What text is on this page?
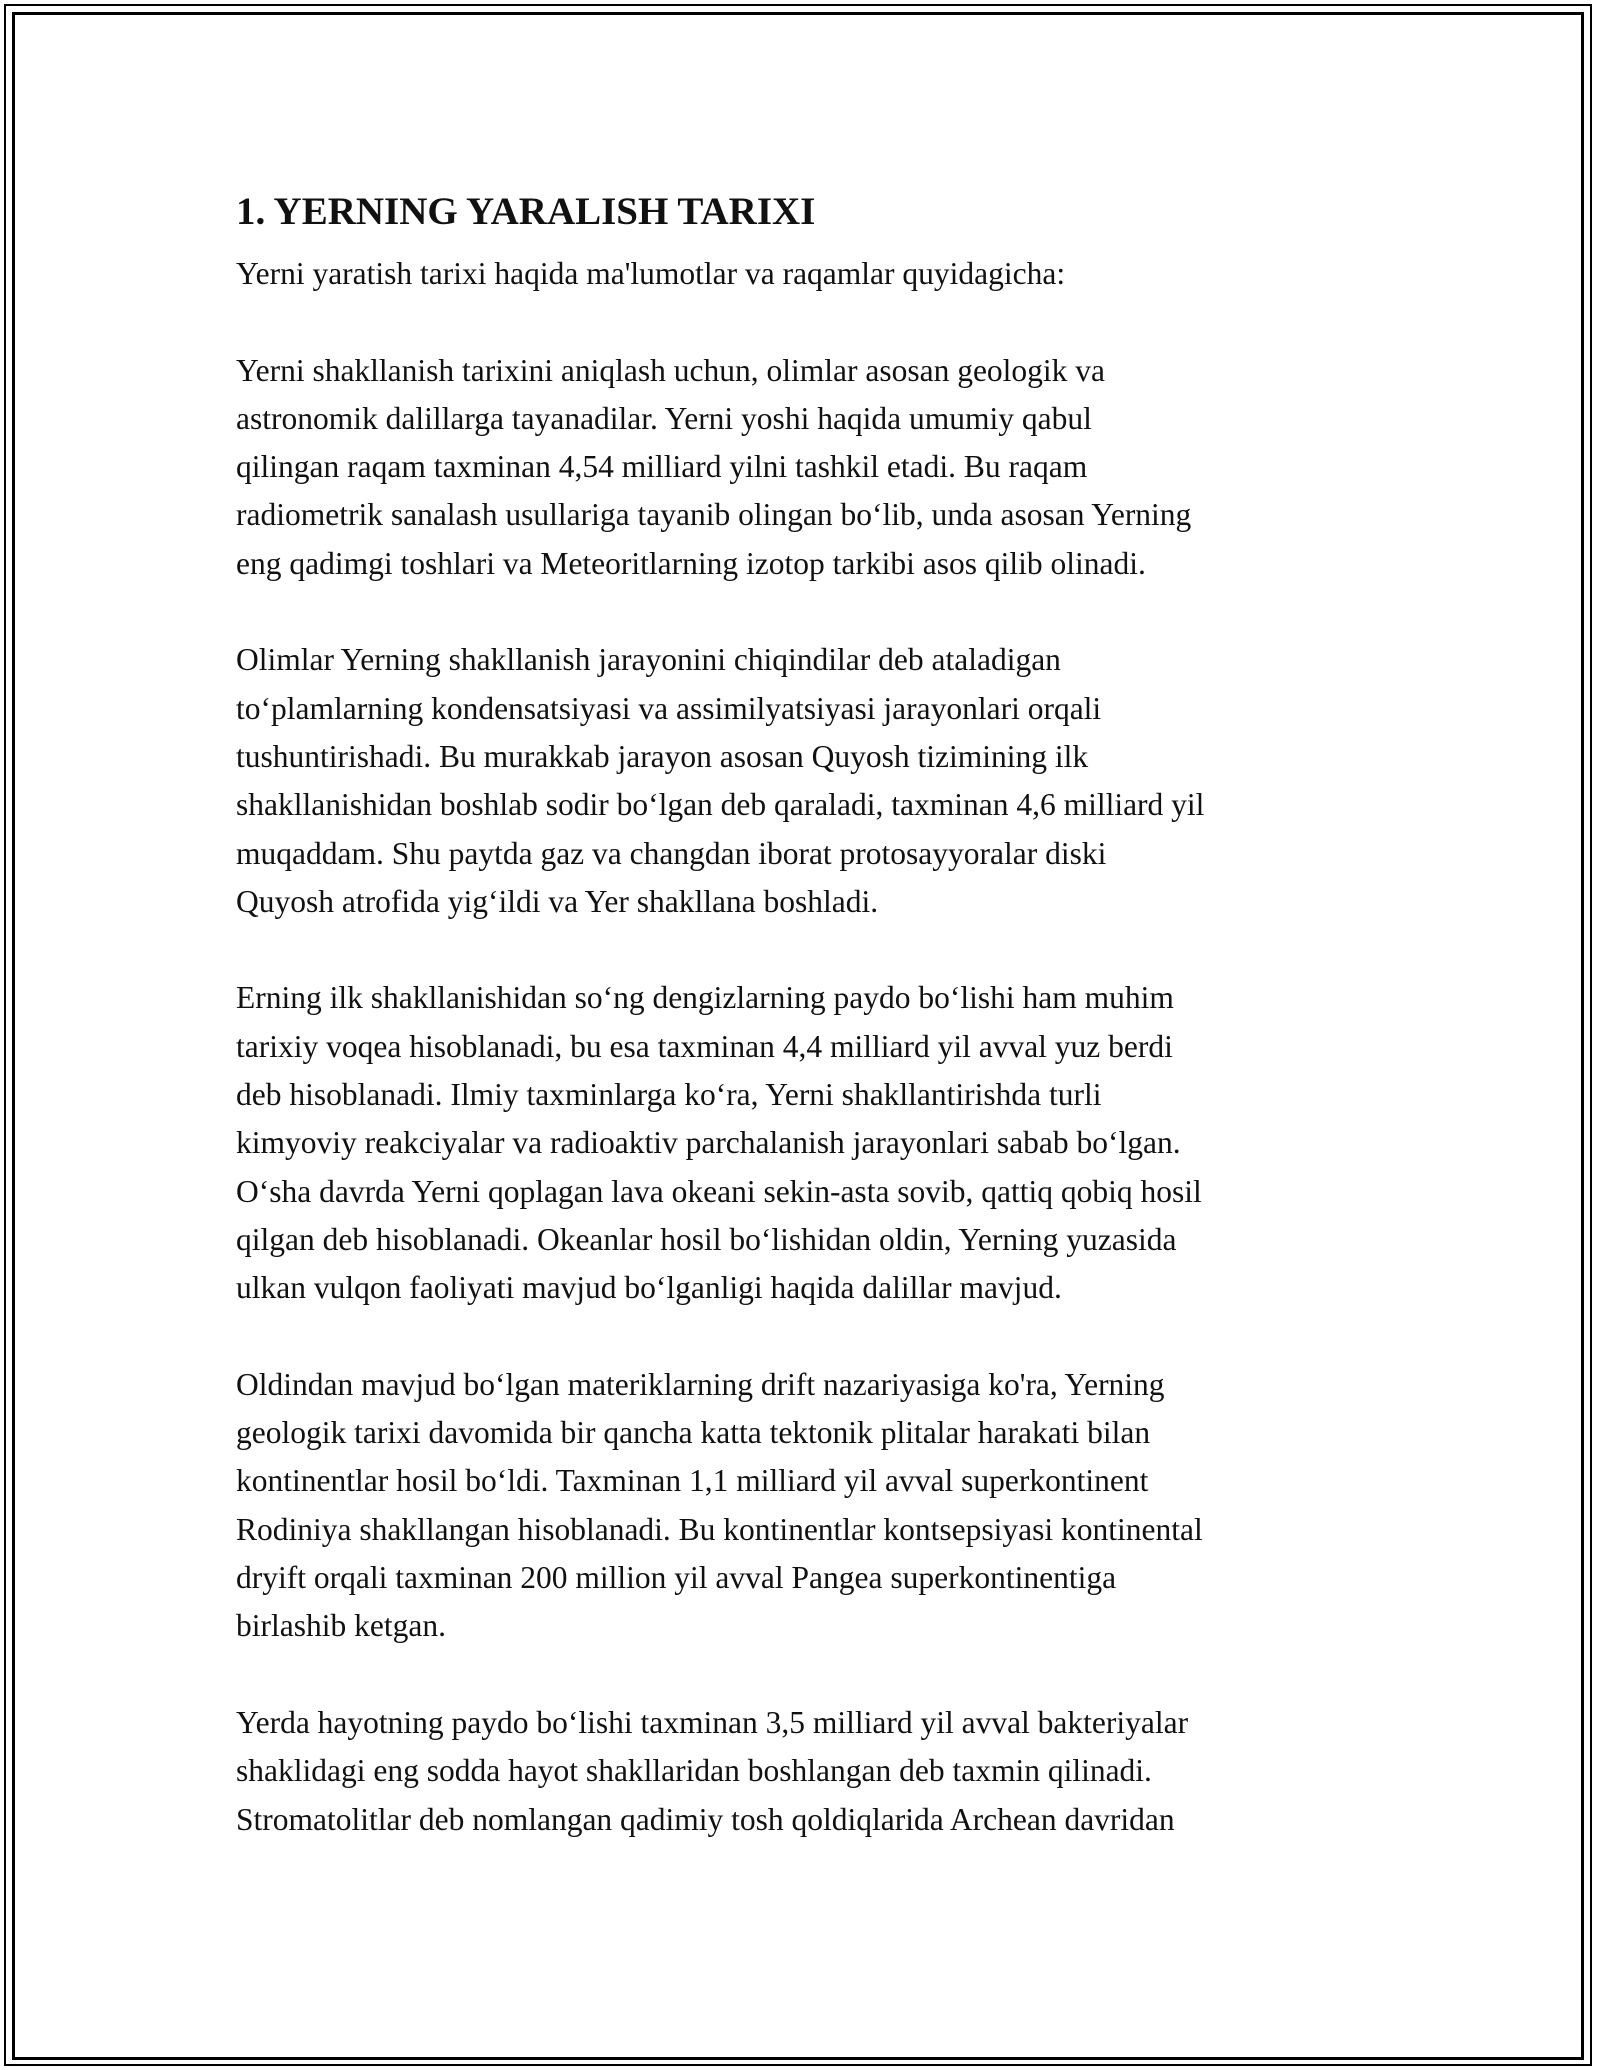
1. YERNING YARALISH TARIXI
Yerni yaratish tarixi haqida ma'lumotlar va raqamlar quyidagicha:
Yerni shakllanish tarixini aniqlash uchun, olimlar asosan geologik va
astronomik dalillarga tayanadilar. Yerni yoshi haqida umumiy qabul
qilingan raqam taxminan 4,54 milliard yilni tashkil etadi. Bu raqam
radiometrik sanalash usullariga tayanib olingan bo‘lib, unda asosan Yerning
eng qadimgi toshlari va Meteoritlarning izotop tarkibi asos qilib olinadi.
Olimlar Yerning shakllanish jarayonini chiqindilar deb ataladigan
to‘plamlarning kondensatsiyasi va assimilyatsiyasi jarayonlari orqali
tushuntirishadi. Bu murakkab jarayon asosan Quyosh tizimining ilk
shakllanishidan boshlab sodir bo‘lgan deb qaraladi, taxminan 4,6 milliard yil
muqaddam. Shu paytda gaz va changdan iborat protosayyoralar diski
Quyosh atrofida yig‘ildi va Yer shakllana boshladi.
Erning ilk shakllanishidan so‘ng dengizlarning paydo bo‘lishi ham muhim
tarixiy voqea hisoblanadi, bu esa taxminan 4,4 milliard yil avval yuz berdi
deb hisoblanadi. Ilmiy taxminlarga ko‘ra, Yerni shakllantirishda turli
kimyoviy reakciyalar va radioaktiv parchalanish jarayonlari sabab bo‘lgan.
O‘sha davrda Yerni qoplagan lava okeani sekin-asta sovib, qattiq qobiq hosil
qilgan deb hisoblanadi. Okeanlar hosil bo‘lishidan oldin, Yerning yuzasida
ulkan vulqon faoliyati mavjud bo‘lganligi haqida dalillar mavjud.
Oldindan mavjud bo‘lgan materiklarning drift nazariyasiga ko'ra, Yerning
geologik tarixi davomida bir qancha katta tektonik plitalar harakati bilan
kontinentlar hosil bo‘ldi. Taxminan 1,1 milliard yil avval superkontinent
Rodiniya shakllangan hisoblanadi. Bu kontinentlar kontsepsiyasi kontinental
dryift orqali taxminan 200 million yil avval Pangea superkontinentiga
birlashib ketgan.
Yerda hayotning paydo bo‘lishi taxminan 3,5 milliard yil avval bakteriyalar
shaklidagi eng sodda hayot shakllaridan boshlangan deb taxmin qilinadi.
Stromatolitlar deb nomlangan qadimiy tosh qoldiqlarida Archean davridan
